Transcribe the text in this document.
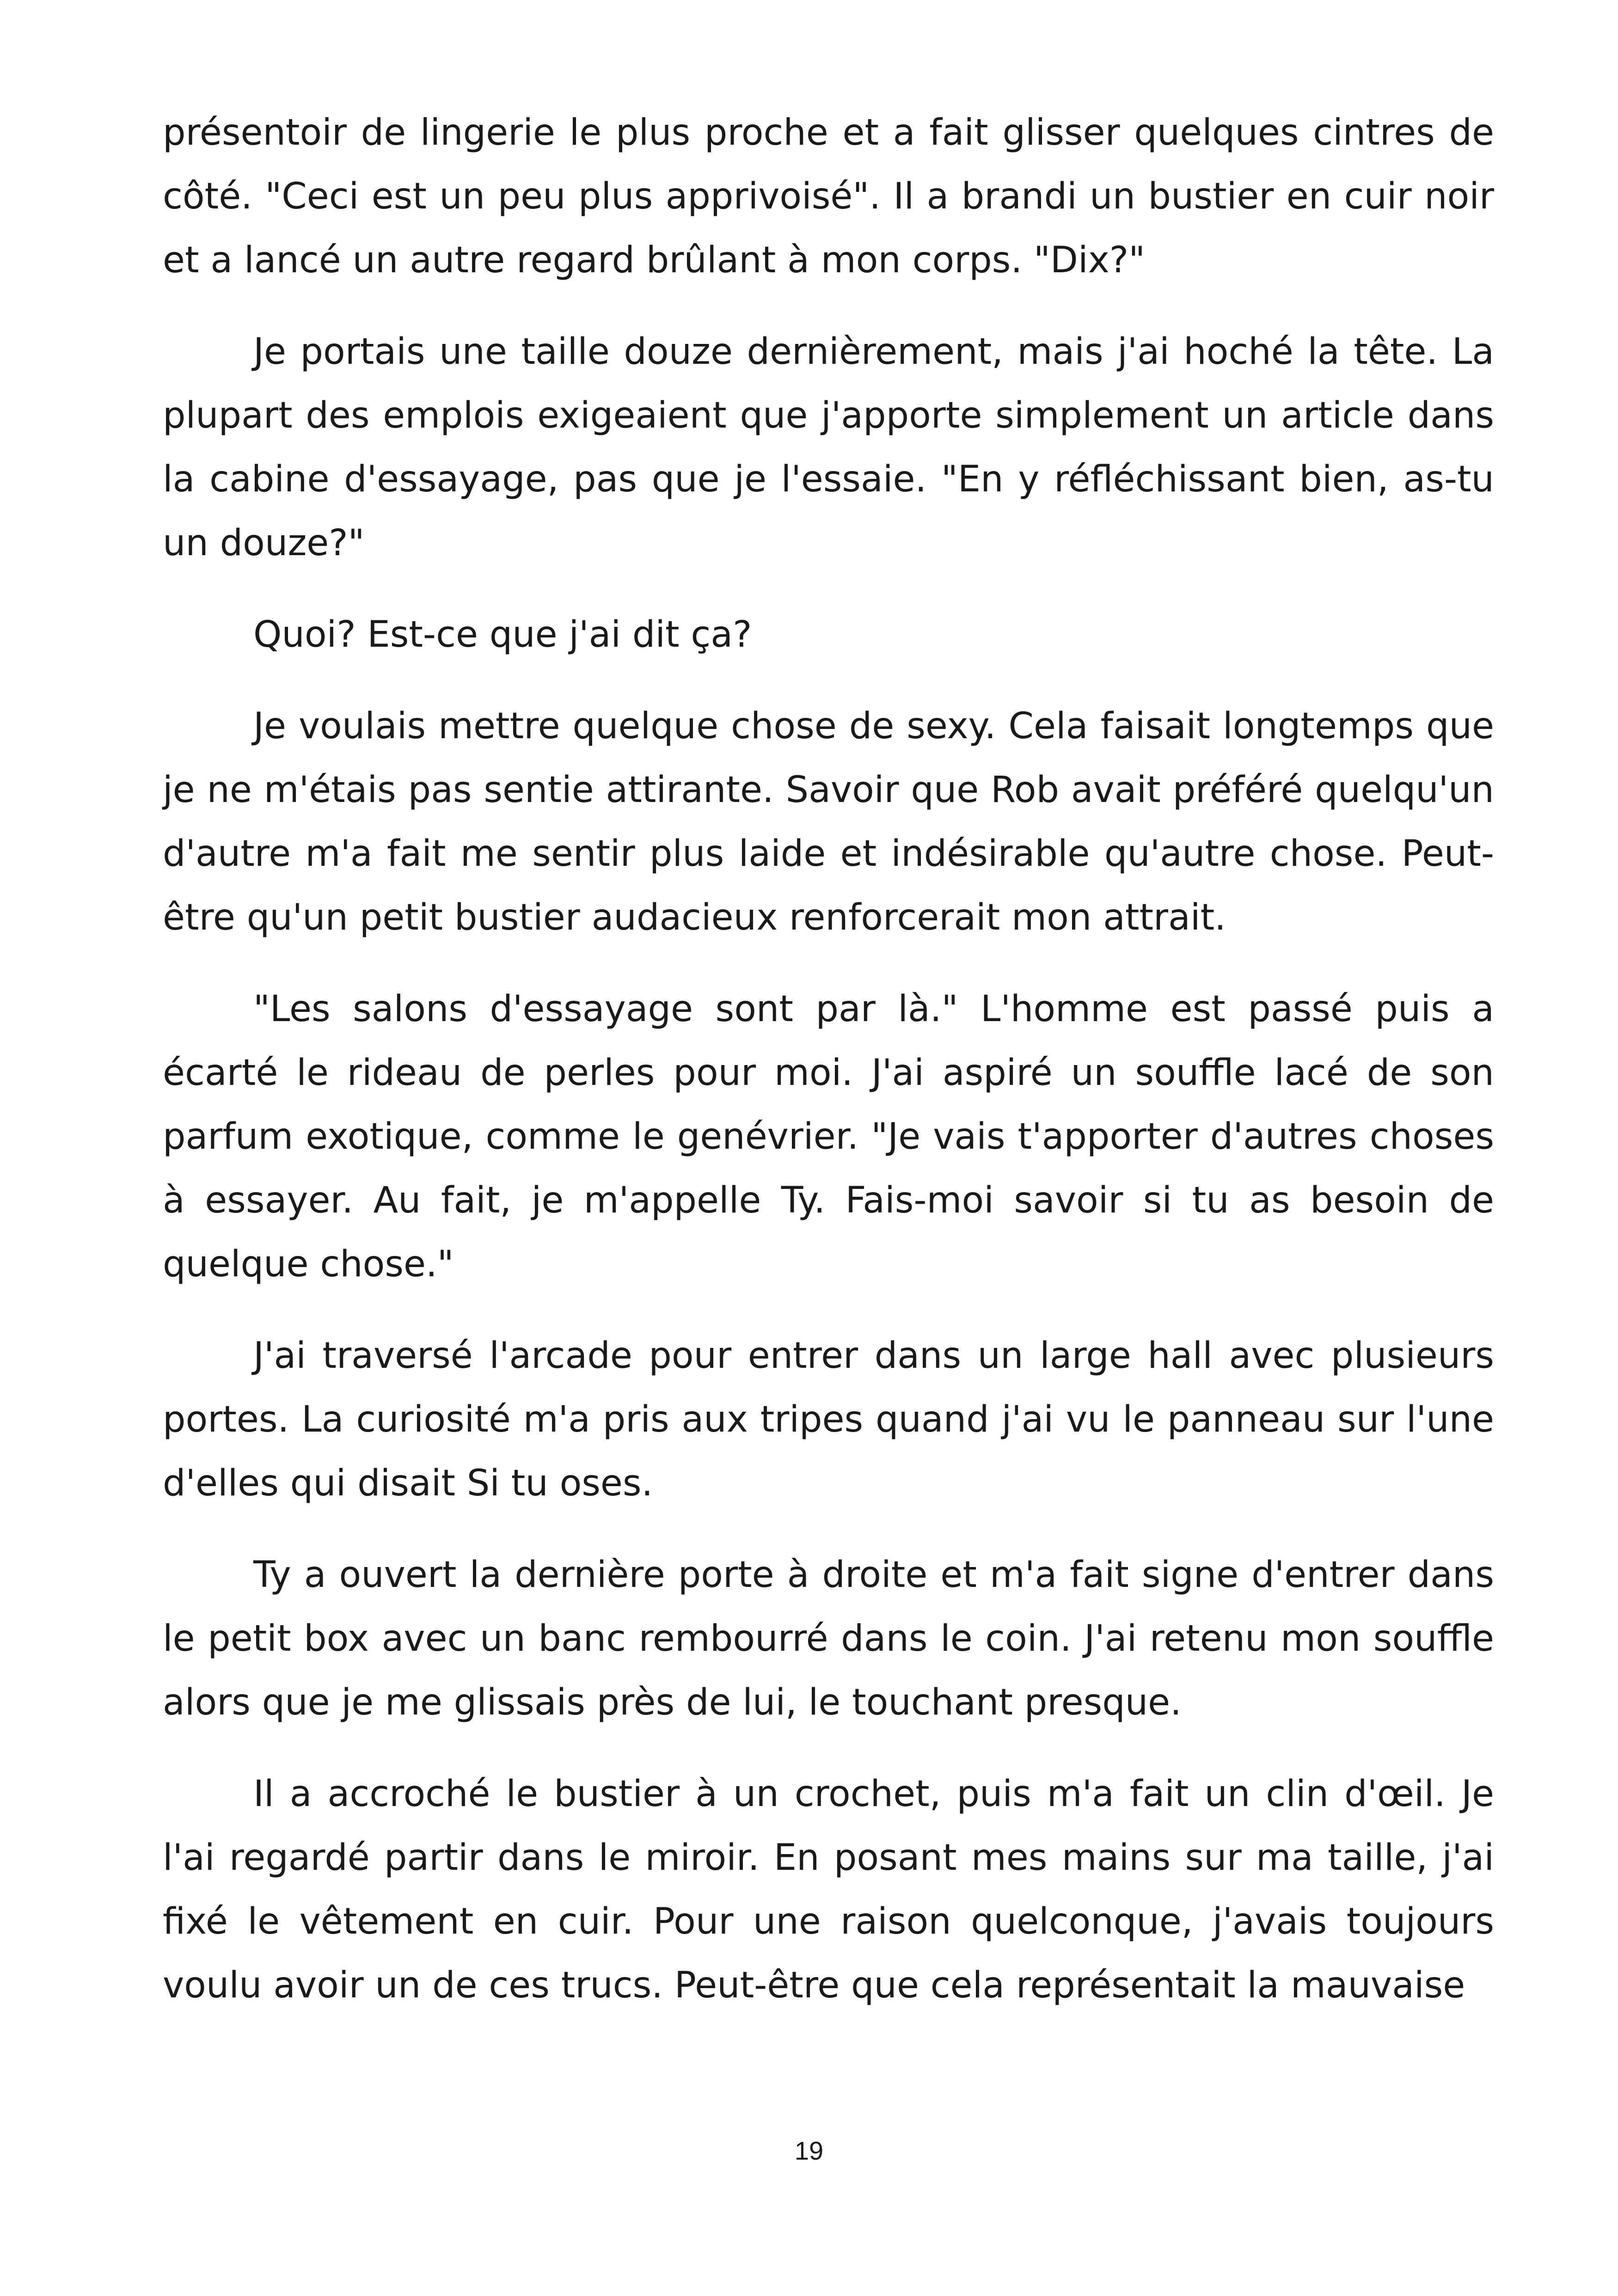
présentoir de lingerie le plus proche et a fait glisser quelques cintres de côté. "Ceci est un peu plus apprivoisé". Il a brandi un bustier en cuir noir et a lancé un autre regard brûlant à mon corps. "Dix?"

Je portais une taille douze dernièrement, mais j'ai hoché la tête. La plupart des emplois exigeaient que j'apporte simplement un article dans la cabine d'essayage, pas que je l'essaie. "En y réfléchissant bien, as-tu un douze?"

Quoi? Est-ce que j'ai dit ça?

Je voulais mettre quelque chose de sexy. Cela faisait longtemps que je ne m'étais pas sentie attirante. Savoir que Rob avait préféré quelqu'un d'autre m'a fait me sentir plus laide et indésirable qu'autre chose. Peut-être qu'un petit bustier audacieux renforcerait mon attrait.

"Les salons d'essayage sont par là." L'homme est passé puis a écarté le rideau de perles pour moi. J'ai aspiré un souffle lacé de son parfum exotique, comme le genévrier. "Je vais t'apporter d'autres choses à essayer. Au fait, je m'appelle Ty. Fais-moi savoir si tu as besoin de quelque chose."

J'ai traversé l'arcade pour entrer dans un large hall avec plusieurs portes. La curiosité m'a pris aux tripes quand j'ai vu le panneau sur l'une d'elles qui disait Si tu oses.

Ty a ouvert la dernière porte à droite et m'a fait signe d'entrer dans le petit box avec un banc rembourré dans le coin. J'ai retenu mon souffle alors que je me glissais près de lui, le touchant presque.

Il a accroché le bustier à un crochet, puis m'a fait un clin d'œil. Je l'ai regardé partir dans le miroir. En posant mes mains sur ma taille, j'ai fixé le vêtement en cuir. Pour une raison quelconque, j'avais toujours voulu avoir un de ces trucs. Peut-être que cela représentait la mauvaise

19
